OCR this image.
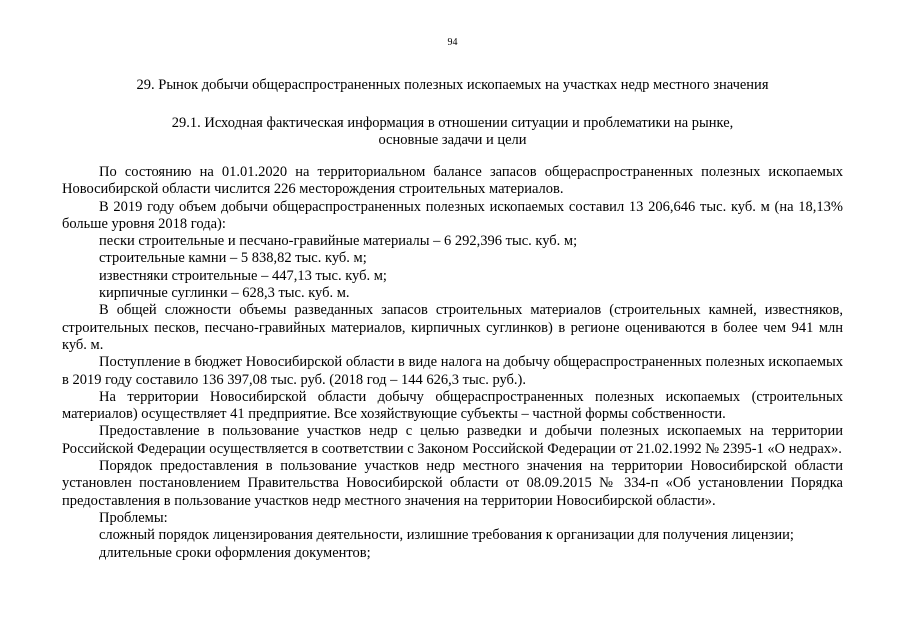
94
29. Рынок добычи общераспространенных полезных ископаемых на участках недр местного значения
29.1. Исходная фактическая информация в отношении ситуации и проблематики на рынке,
основные задачи и цели

По состоянию на 01.01.2020 на территориальном балансе запасов общераспространенных полезных ископаемых Новосибирской области числится 226 месторождения строительных материалов.

В 2019 году объем добычи общераспространенных полезных ископаемых составил 13 206,646 тыс. куб. м (на 18,13% больше уровня 2018 года):

пески строительные и песчано-гравийные материалы – 6 292,396 тыс. куб. м;

строительные камни – 5 838,82 тыс. куб. м;

известняки строительные – 447,13 тыс. куб. м;

кирпичные суглинки – 628,3 тыс. куб. м.

В общей сложности объемы разведанных запасов строительных материалов (строительных камней, известняков, строительных песков, песчано-гравийных материалов, кирпичных суглинков) в регионе оцениваются в более чем 941 млн куб. м.

Поступление в бюджет Новосибирской области в виде налога на добычу общераспространенных полезных ископаемых в 2019 году составило 136 397,08 тыс. руб. (2018 год – 144 626,3 тыс. руб.).

На территории Новосибирской области добычу общераспространенных полезных ископаемых (строительных материалов) осуществляет 41 предприятие. Все хозяйствующие субъекты – частной формы собственности.

Предоставление в пользование участков недр с целью разведки и добычи полезных ископаемых на территории Российской Федерации осуществляется в соответствии с Законом Российской Федерации от 21.02.1992 № 2395-1 «О недрах».

Порядок предоставления в пользование участков недр местного значения на территории Новосибирской области установлен постановлением Правительства Новосибирской области от 08.09.2015 № 334-п «Об установлении Порядка предоставления в пользование участков недр местного значения на территории Новосибирской области».

Проблемы:

сложный порядок лицензирования деятельности, излишние требования к организации для получения лицензии;

длительные сроки оформления документов;
